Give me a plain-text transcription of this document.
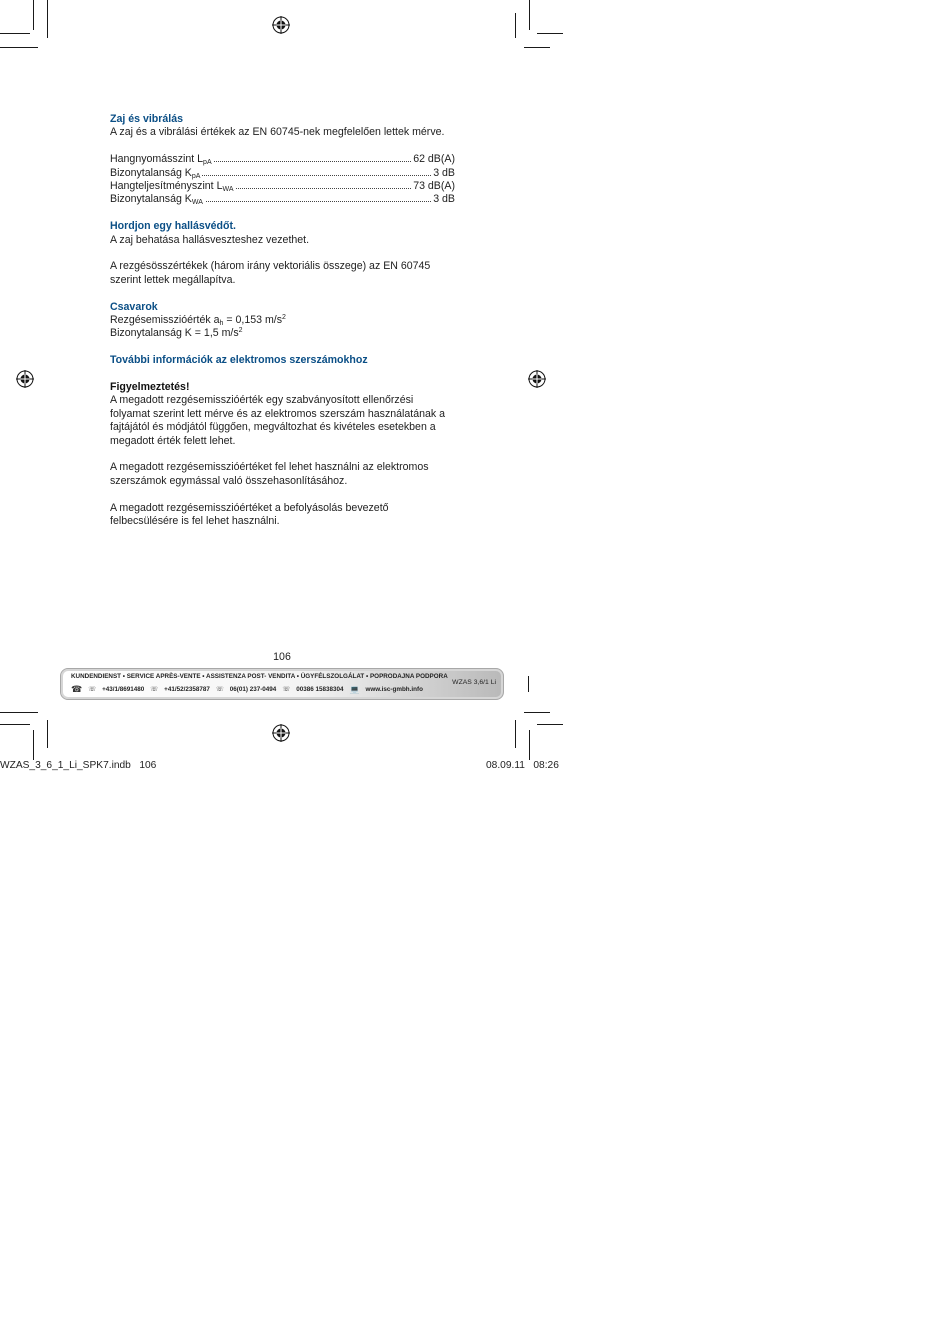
Zaj és vibrálás
A zaj és a vibrálási értékek az EN 60745-nek megfelelően lettek mérve.
Hangnyomásszint $L_{pA}$	62 dB(A)
Bizonytalanság $K_{pA}$	3 dB
Hangteljesítményszint $L_{WA}$	73 dB(A)
Bizonytalanság $K_{WA}$	3 dB
Hordjon egy hallásvédőt.
A zaj behatása hallásveszteshez vezethet.
A rezgésösszértékek (három irány vektoriális összege) az EN 60745 szerint lettek megállapítva.
Csavarok
Rezgésemisszióérték $a_h = 0,153$ $m/s^2$
Bizonytalanság K = 1,5 $m/s^2$
További információk az elektromos szerszámokhoz
Figyelmeztetés!
A megadott rezgésemisszióérték egy szabványosított ellenőrzési folyamat szerint lett mérve és az elektromos szerszám használatának a fajtájától és módjától függően, megváltozhat és kivételes esetekben a megadott érték felett lehet.
A megadott rezgésemisszióértéket fel lehet használni az elektromos szerszámok egymással való összehasonlításához.
A megadott rezgésemisszióértéket a befolyásolás bevezető felbecsülésére is fel lehet használni.
106
KUNDENDIENST • SERVICE APRÈS-VENTE • ASSISTENZA POST- VENDITA • ÜGYFÉLSZOLGÁLAT • POPRODAJNA PODPORA
☎ ☏ +43/1/8691480 ☏ +41/52/2358787 ☏ 06(01) 237-0494 ☏ 00386 15838304 💻 www.isc-gmbh.info
WZAS 3,6/1 Li
WZAS_3_6_1_Li_SPK7.indb   106	08.09.11   08:26
